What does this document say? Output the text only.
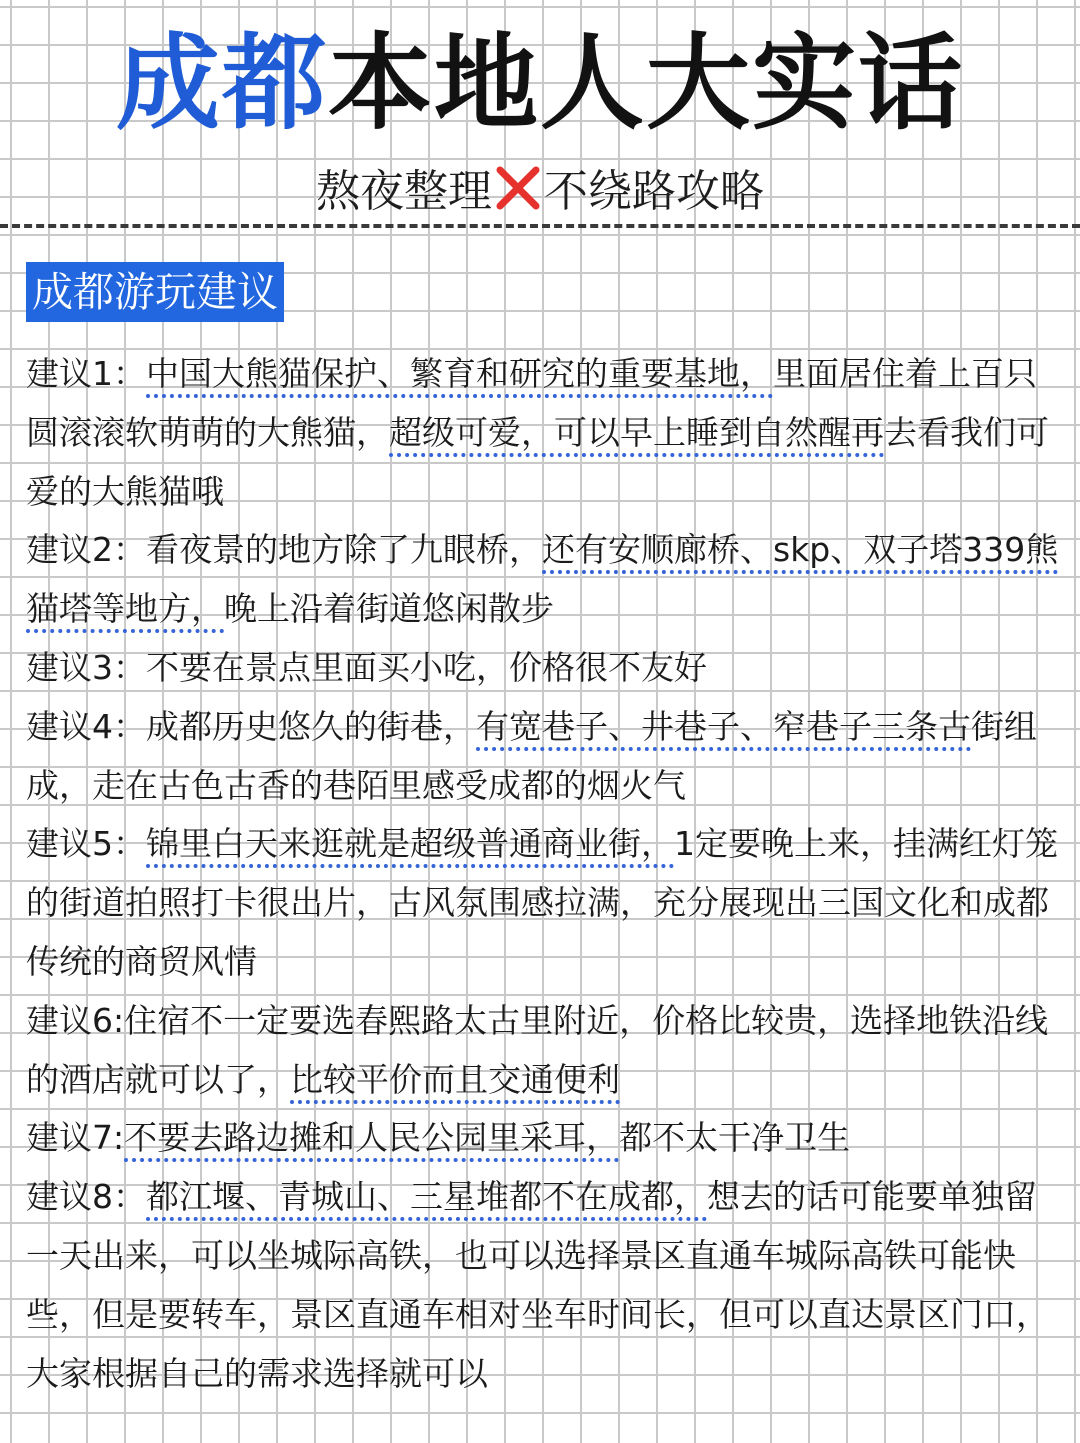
成都本地人大实话
熬夜整理 不绕路攻略
成都游玩建议
建议1：中国大熊猫保护、繁育和研究的重要基地，里面居住着上百只圆滚滚软萌萌的大熊猫，超级可爱，可以早上睡到自然醒再去看我们可爱的大熊猫哦
建议2：看夜景的地方除了九眼桥，还有安顺廊桥、skp、双子塔339熊猫塔等地方，晚上沿着街道悠闲散步
建议3：不要在景点里面买小吃，价格很不友好
建议4：成都历史悠久的街巷，有宽巷子、井巷子、窄巷子三条古街组成，走在古色古香的巷陌里感受成都的烟火气
建议5：锦里白天来逛就是超级普通商业街，1定要晚上来，挂满红灯笼的街道拍照打卡很出片，古风氛围感拉满，充分展现出三国文化和成都传统的商贸风情
建议6:住宿不一定要选春熙路太古里附近，价格比较贵，选择地铁沿线的酒店就可以了，比较平价而且交通便利
建议7:不要去路边摊和人民公园里采耳，都不太干净卫生
建议8：都江堰、青城山、三星堆都不在成都，想去的话可能要单独留一天出来，可以坐城际高铁，也可以选择景区直通车城际高铁可能快些，但是要转车，景区直通车相对坐车时间长，但可以直达景区门口，大家根据自己的需求选择就可以
